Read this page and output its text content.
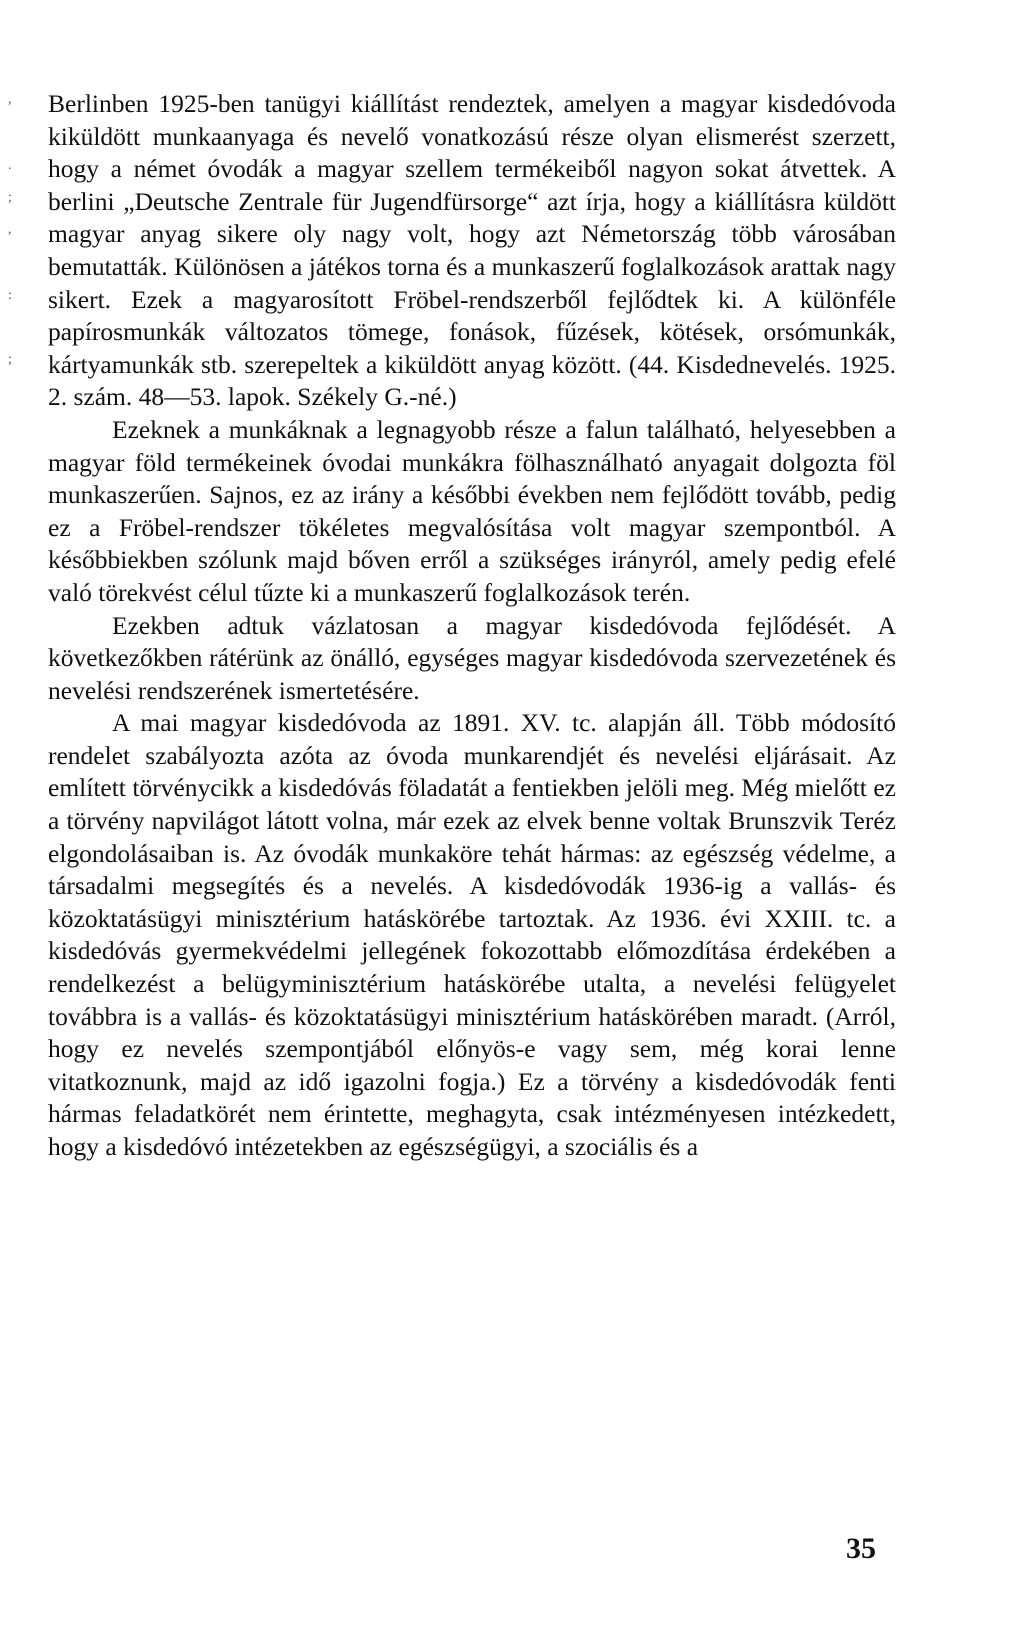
,
.
;
,
:
;

Berlinben 1925-ben tanügyi kiállítást rendeztek, amelyen a magyar kisdedóvoda kiküldött munkaanyaga és nevelő vonatkozású része olyan elismerést szerzett, hogy a német óvodák a magyar szellem termékeiből nagyon sokat átvettek. A berlini „Deutsche Zentrale für Jugendfürsorge“ azt írja, hogy a kiállításra küldött magyar anyag sikere oly nagy volt, hogy azt Németország több városában bemutatták. Különösen a játékos torna és a munkaszerű foglalkozások arattak nagy sikert. Ezek a magyarosított Fröbel-rendszerből fejlődtek ki. A különféle papírosmunkák változatos tömege, fonások, fűzések, kötések, orsómunkák, kártyamunkák stb. szerepeltek a kiküldött anyag között. (44. Kisdednevelés. 1925. 2. szám. 48—53. lapok. Székely G.-né.)

Ezeknek a munkáknak a legnagyobb része a falun található, helyesebben a magyar föld termékeinek óvodai munkákra fölhasználható anyagait dolgozta föl munkaszerűen. Sajnos, ez az irány a későbbi években nem fejlődött tovább, pedig ez a Fröbel-rendszer tökéletes megvalósítása volt magyar szempontból. A későbbiekben szólunk majd bőven erről a szükséges irányról, amely pedig efelé való törekvést célul tűzte ki a munkaszerű foglalkozások terén.

Ezekben adtuk vázlatosan a magyar kisdedóvoda fejlődését. A következőkben rátérünk az önálló, egységes magyar kisdedóvoda szervezetének és nevelési rendszerének ismertetésére.

A mai magyar kisdedóvoda az 1891. XV. tc. alapján áll. Több módosító rendelet szabályozta azóta az óvoda munkarendjét és nevelési eljárásait. Az említett törvénycikk a kisdedóvás föladatát a fentiekben jelöli meg. Még mielőtt ez a törvény napvilágot látott volna, már ezek az elvek benne voltak Brunszvik Teréz elgondolásaiban is. Az óvodák munkaköre tehát hármas: az egészség védelme, a társadalmi megsegítés és a nevelés. A kisdedóvodák 1936-ig a vallás- és közoktatásügyi minisztérium hatáskörébe tartoztak. Az 1936. évi XXIII. tc. a kisdedóvás gyermekvédelmi jellegének fokozottabb előmozdítása érdekében a rendelkezést a belügyminisztérium hatáskörébe utalta, a nevelési felügyelet továbbra is a vallás- és közoktatásügyi minisztérium hatáskörében maradt. (Arról, hogy ez nevelés szempontjából előnyös-e vagy sem, még korai lenne vitatkoznunk, majd az idő igazolni fogja.) Ez a törvény a kisdedóvodák fenti hármas feladatkörét nem érintette, meghagyta, csak intézményesen intézkedett, hogy a kisdedóvó intézetekben az egészségügyi, a szociális és a

35
